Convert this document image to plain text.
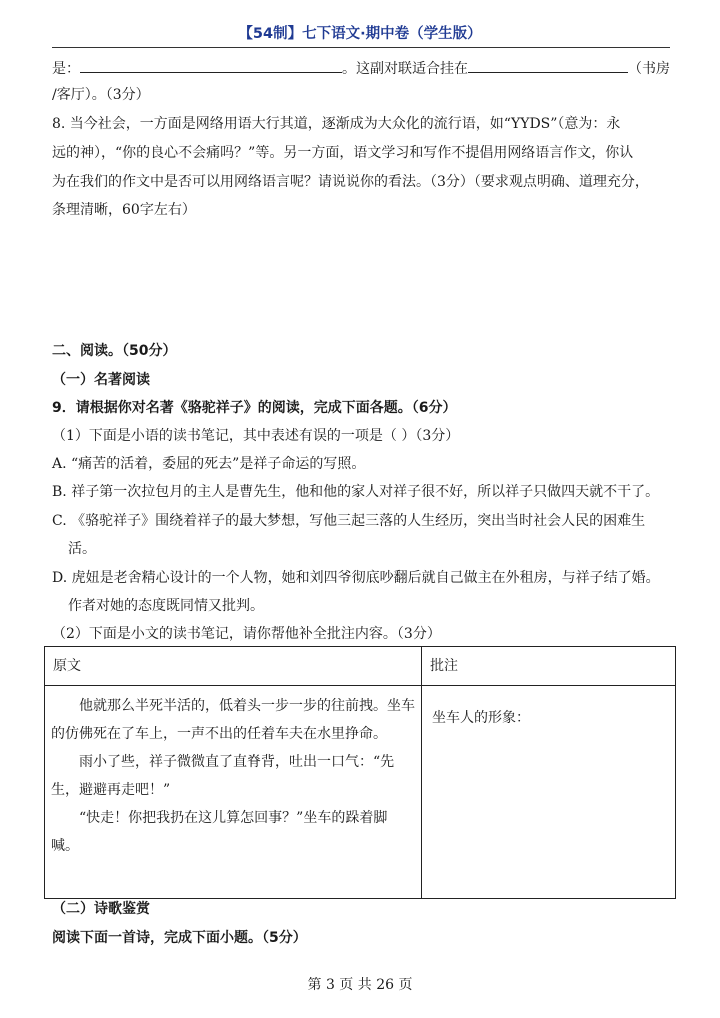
【54制】七下语文·期中卷（学生版）
是：	。这副对联适合挂在	（书房
/客厅）。（3分）
8. 当今社会，一方面是网络用语大行其道，逐渐成为大众化的流行语，如“YYDS”（意为：永
远的神），“你的良心不会痛吗？”等。另一方面，语文学习和写作不提倡用网络语言作文，你认
为在我们的作文中是否可以用网络语言呢？请说说你的看法。（3分）（要求观点明确、道理充分，
条理清晰，60字左右）
二、阅读。（50分）
（一）名著阅读
9．请根据你对名著《骆驼祥子》的阅读，完成下面各题。（6分）
（1）下面是小语的读书笔记，其中表述有误的一项是（ ）（3分）
A. “痛苦的活着，委屈的死去”是祥子命运的写照。
B. 祥子第一次拉包月的主人是曹先生，他和他的家人对祥子很不好，所以祥子只做四天就不干了。
C. 《骆驼祥子》围绕着祥子的最大梦想，写他三起三落的人生经历，突出当时社会人民的困难生
活。
D. 虎妞是老舍精心设计的一个人物，她和刘四爷彻底吵翻后就自己做主在外租房，与祥子结了婚。
作者对她的态度既同情又批判。
（2）下面是小文的读书笔记，请你帮他补全批注内容。（3分）
原文	批注

他就那么半死半活的，低着头一步一步的往前拽。坐车的仿佛死在了车上，一声不出的任着车夫在水里挣命。

雨小了些，祥子微微直了直脊背，吐出一口气：“先生，避避再走吧！”

“快走！你把我扔在这儿算怎回事？”坐车的跺着脚喊。	坐车人的形象：
（二）诗歌鉴赏
阅读下面一首诗，完成下面小题。（5分）
第 3 页 共 26 页
